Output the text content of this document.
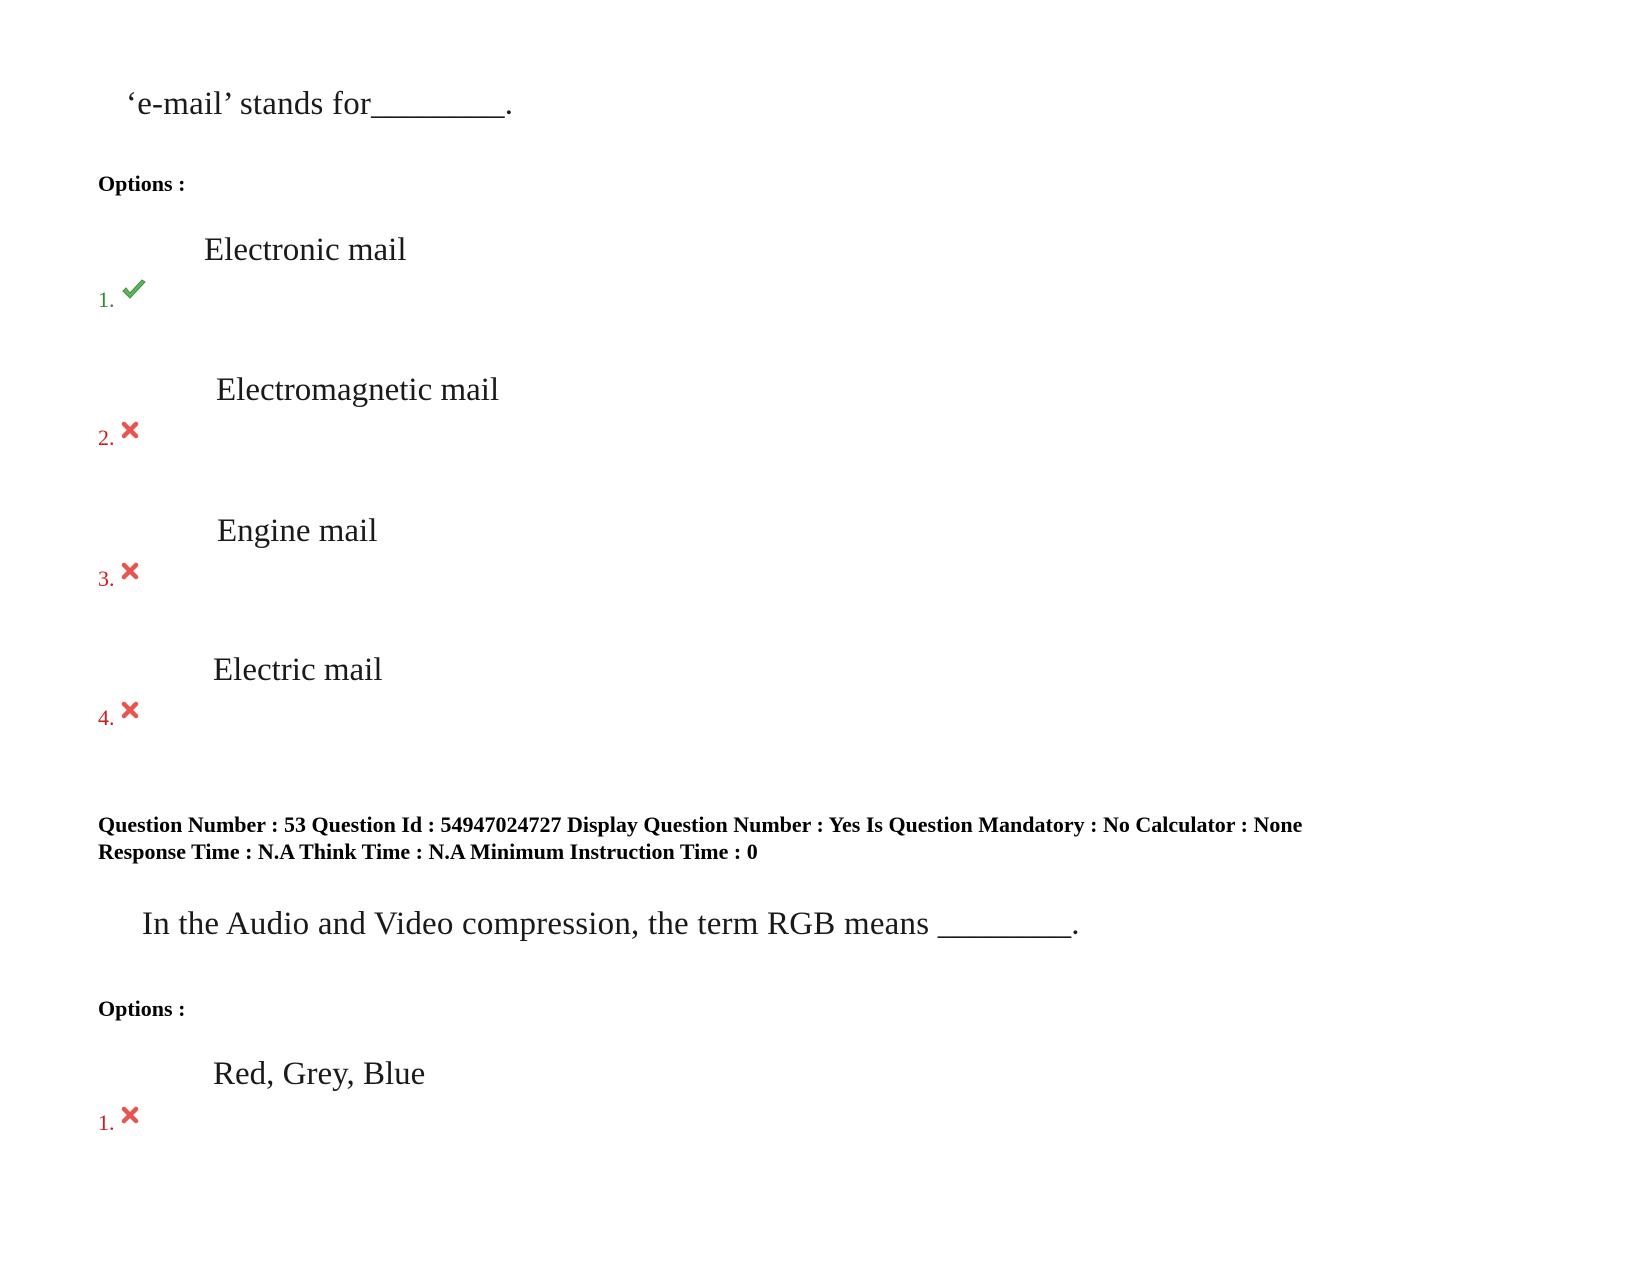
‘e-mail’ stands for________.
Options :
Electronic mail
1.
Electromagnetic mail
2.
Engine mail
3.
Electric mail
4.
Question Number : 53 Question Id : 54947024727 Display Question Number : Yes Is Question Mandatory : No Calculator : None
Response Time : N.A Think Time : N.A Minimum Instruction Time : 0
In the Audio and Video compression, the term RGB means ________.
Options :
Red, Grey, Blue
1.
